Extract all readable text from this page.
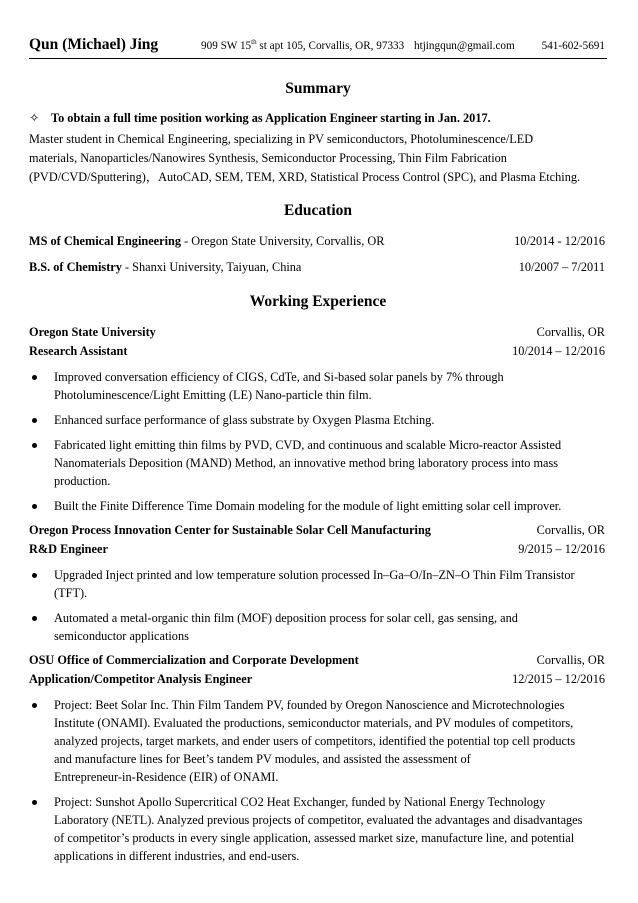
Qun (Michael) Jing	909 SW 15th st apt 105, Corvallis, OR, 97333 htjingqun@gmail.com 541-602-5691
Summary
✧ To obtain a full time position working as Application Engineer starting in Jan. 2017.
Master student in Chemical Engineering, specializing in PV semiconductors, Photoluminescence/LED
materials, Nanoparticles/Nanowires Synthesis, Semiconductor Processing, Thin Film Fabrication
(PVD/CVD/Sputtering)，AutoCAD, SEM, TEM, XRD, Statistical Process Control (SPC), and Plasma Etching.
Education
MS of Chemical Engineering - Oregon State University, Corvallis, OR	10/2014 - 12/2016
B.S. of Chemistry - Shanxi University, Taiyuan, China	10/2007 – 7/2011
Working Experience
Oregon State University	Corvallis, OR
Research Assistant	10/2014 – 12/2016
Improved conversation efficiency of CIGS, CdTe, and Si-based solar panels by 7% through
Photoluminescence/Light Emitting (LE) Nano-particle thin film.
Enhanced surface performance of glass substrate by Oxygen Plasma Etching.
Fabricated light emitting thin films by PVD, CVD, and continuous and scalable Micro-reactor Assisted
Nanomaterials Deposition (MAND) Method, an innovative method bring laboratory process into mass
production.
Built the Finite Difference Time Domain modeling for the module of light emitting solar cell improver.
Oregon Process Innovation Center for Sustainable Solar Cell Manufacturing	Corvallis, OR
R&D Engineer	9/2015 – 12/2016
Upgraded Inject printed and low temperature solution processed In–Ga–O/In–ZN–O Thin Film Transistor
(TFT).
Automated a metal-organic thin film (MOF) deposition process for solar cell, gas sensing, and
semiconductor applications
OSU Office of Commercialization and Corporate Development	Corvallis, OR
Application/Competitor Analysis Engineer	12/2015 – 12/2016
Project: Beet Solar Inc. Thin Film Tandem PV, founded by Oregon Nanoscience and Microtechnologies
Institute (ONAMI). Evaluated the productions, semiconductor materials, and PV modules of competitors,
analyzed projects, target markets, and ender users of competitors, identified the potential top cell products
and manufacture lines for Beet’s tandem PV modules, and assisted the assessment of
Entrepreneur-in-Residence (EIR) of ONAMI.
Project: Sunshot Apollo Supercritical CO2 Heat Exchanger, funded by National Energy Technology
Laboratory (NETL). Analyzed previous projects of competitor, evaluated the advantages and disadvantages
of competitor’s products in every single application, assessed market size, manufacture line, and potential
applications in different industries, and end-users.
